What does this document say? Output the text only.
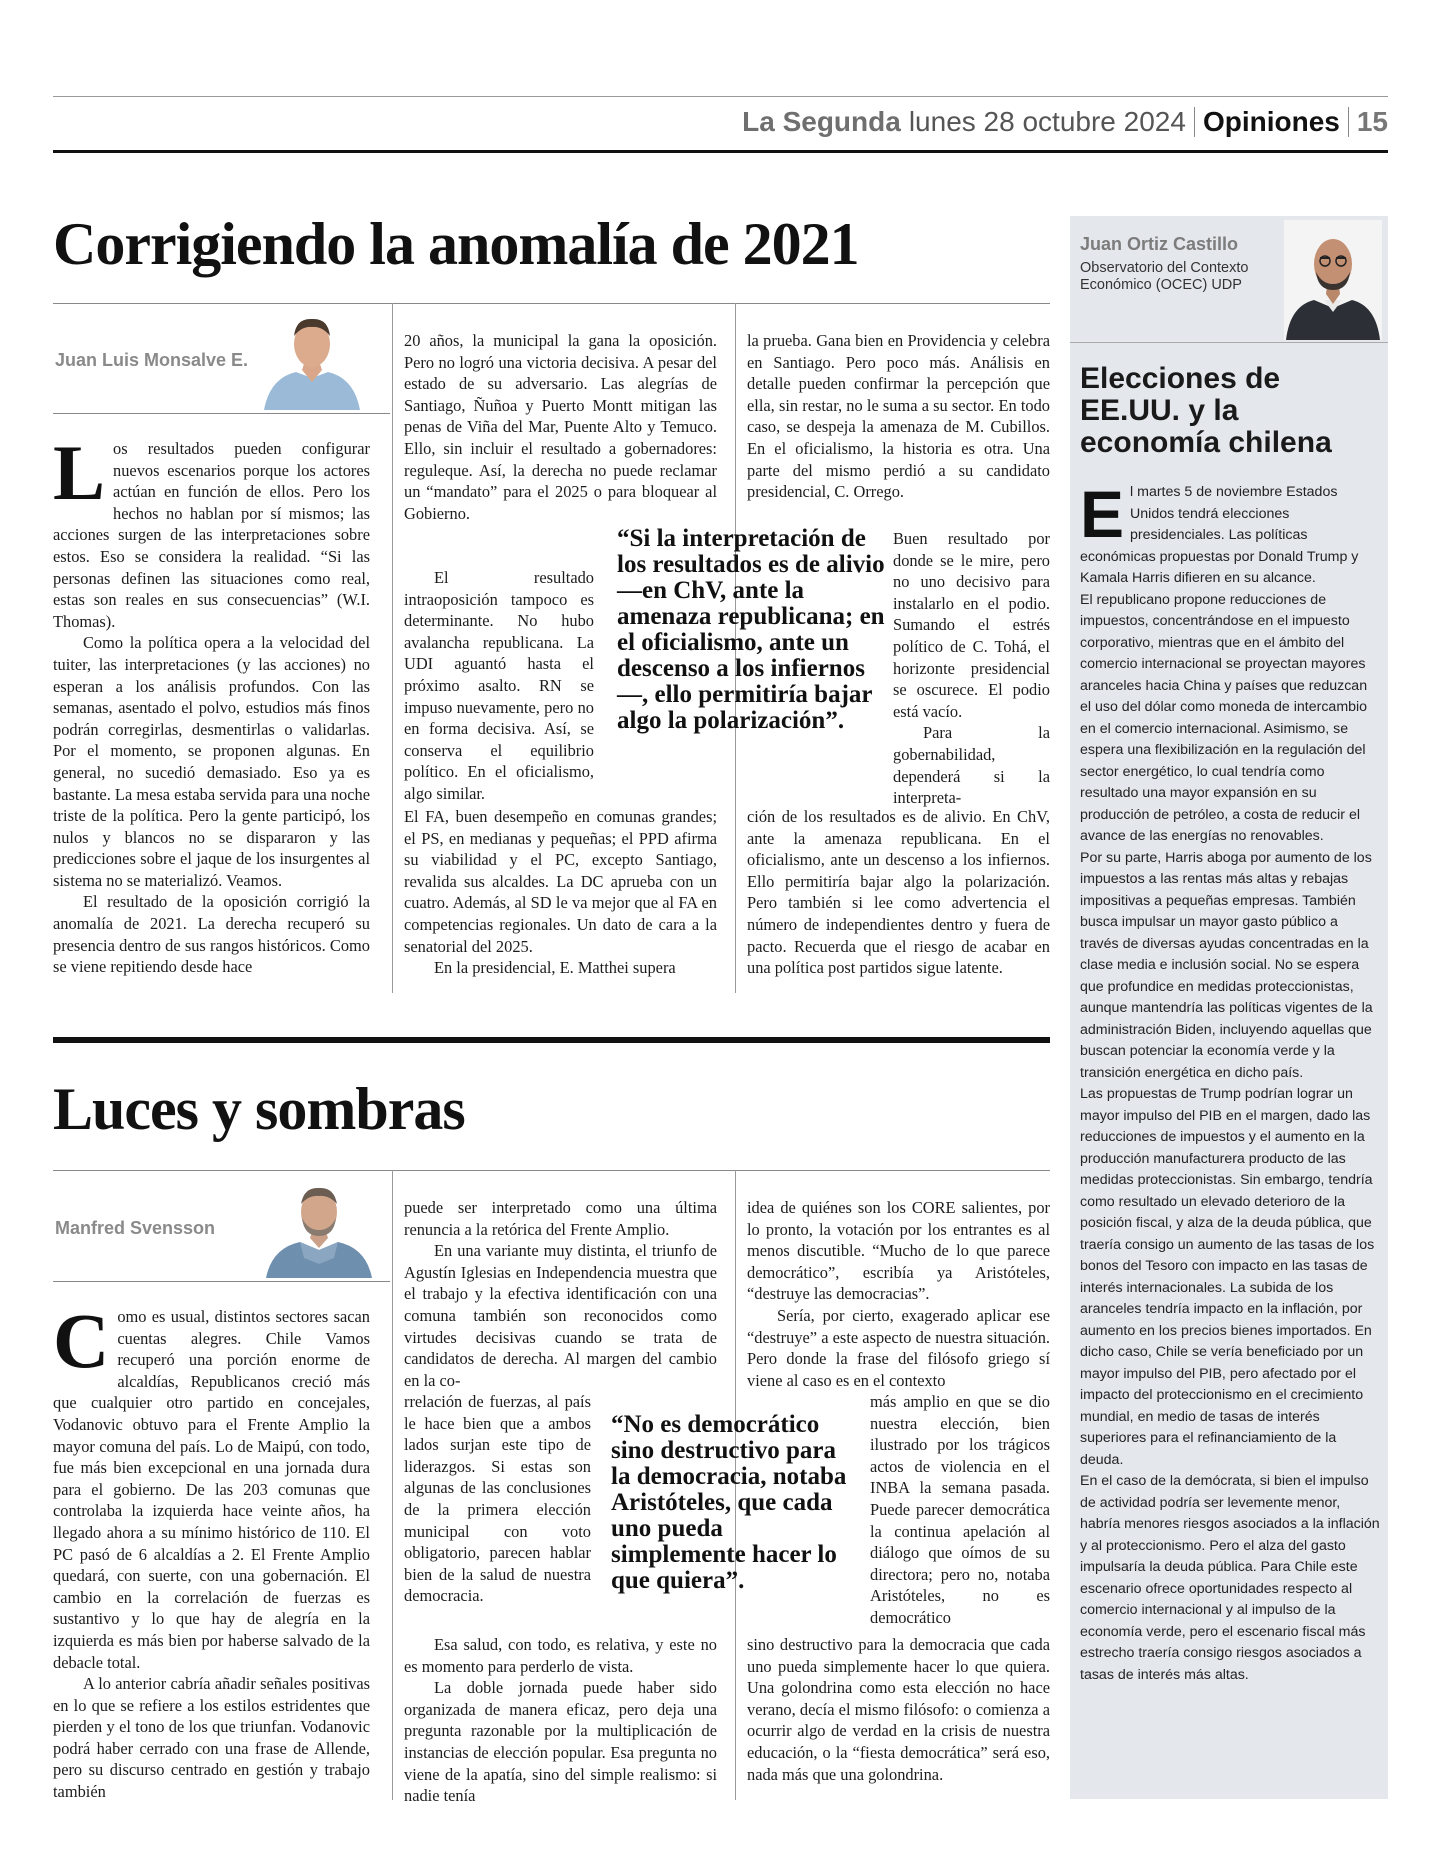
La Segunda lunes 28 octubre 2024 Opiniones 15
Corrigiendo la anomalía de 2021
Juan Luis Monsalve E.
L os resultados pueden configurar nuevos escenarios porque los actores actúan en función de ellos. Pero los hechos no hablan por sí mismos; las acciones surgen de las interpretaciones sobre estos. Eso se considera la realidad. “Si las personas definen las situaciones como real, estas son reales en sus consecuencias” (W.I. Thomas).

Como la política opera a la velocidad del tuiter, las interpretaciones (y las acciones) no esperan a los análisis profundos. Con las semanas, asentado el polvo, estudios más finos podrán corregirlas, desmentirlas o validarlas. Por el momento, se proponen algunas. En general, no sucedió demasiado. Eso ya es bastante. La mesa estaba servida para una noche triste de la política. Pero la gente participó, los nulos y blancos no se dispararon y las predicciones sobre el jaque de los insurgentes al sistema no se materializó. Veamos.

El resultado de la oposición corrigió la anomalía de 2021. La derecha recuperó su presencia dentro de sus rangos históricos. Como se viene repitiendo desde hace

20 años, la municipal la gana la oposición. Pero no logró una victoria decisiva. A pesar del estado de su adversario. Las alegrías de Santiago, Ñuñoa y Puerto Montt mitigan las penas de Viña del Mar, Puente Alto y Temuco. Ello, sin incluir el resultado a gobernadores: reguleque. Así, la derecha no puede reclamar un “mandato” para el 2025 o para bloquear al Gobierno.

El resultado intraoposición tampoco es determinante. No hubo avalancha republicana. La UDI aguantó hasta el próximo asalto. RN se impuso nuevamente, pero no en forma decisiva. Así, se conserva el equilibrio político. En el oficialismo, algo similar.

El FA, buen desempeño en comunas grandes; el PS, en medianas y pequeñas; el PPD afirma su viabilidad y el PC, excepto Santiago, revalida sus alcaldes. La DC aprueba con un cuatro. Además, al SD le va mejor que al FA en competencias regionales. Un dato de cara a la senatorial del 2025.

En la presidencial, E. Matthei supera

la prueba. Gana bien en Providencia y celebra en Santiago. Pero poco más. Análisis en detalle pueden confirmar la percepción que ella, sin restar, no le suma a su sector. En todo caso, se despeja la amenaza de M. Cubillos. En el oficialismo, la historia es otra. Una parte del mismo perdió a su candidato presidencial, C. Orrego.

Buen resultado por donde se le mire, pero no uno decisivo para instalarlo en el podio. Sumando el estrés político de C. Tohá, el horizonte presidencial se oscurece. El podio está vacío.

Para la gobernabilidad, dependerá si la interpreta-

ción de los resultados es de alivio. En ChV, ante la amenaza republicana. En el oficialismo, ante un descenso a los infiernos. Ello permitiría bajar algo la polarización. Pero también si lee como advertencia el número de independientes dentro y fuera de pacto. Recuerda que el riesgo de acabar en una política post partidos sigue latente.

“Si la interpretación de los resultados es de alivio —en ChV, ante la amenaza republicana; en el oficialismo, ante un descenso a los infiernos—, ello permitiría bajar algo la polarización”.
Luces y sombras
Manfred Svensson
C omo es usual, distintos sectores sacan cuentas alegres. Chile Vamos recuperó una porción enorme de alcaldías, Republicanos creció más que cualquier otro partido en concejales, Vodanovic obtuvo para el Frente Amplio la mayor comuna del país. Lo de Maipú, con todo, fue más bien excepcional en una jornada dura para el gobierno. De las 203 comunas que controlaba la izquierda hace veinte años, ha llegado ahora a su mínimo histórico de 110. El PC pasó de 6 alcaldías a 2. El Frente Amplio quedará, con suerte, con una gobernación. El cambio en la correlación de fuerzas es sustantivo y lo que hay de alegría en la izquierda es más bien por haberse salvado de la debacle total.

A lo anterior cabría añadir señales positivas en lo que se refiere a los estilos estridentes que pierden y el tono de los que triunfan. Vodanovic podrá haber cerrado con una frase de Allende, pero su discurso centrado en gestión y trabajo también

puede ser interpretado como una última renuncia a la retórica del Frente Amplio.

En una variante muy distinta, el triunfo de Agustín Iglesias en Independencia muestra que el trabajo y la efectiva identificación con una comuna también son reconocidos como virtudes decisivas cuando se trata de candidatos de derecha. Al margen del cambio en la co-

rrelación de fuerzas, al país le hace bien que a ambos lados surjan este tipo de liderazgos. Si estas son algunas de las conclusiones de la primera elección municipal con voto obligatorio, parecen hablar bien de la salud de nuestra democracia.

Esa salud, con todo, es relativa, y este no es momento para perderlo de vista.

La doble jornada puede haber sido organizada de manera eficaz, pero deja una pregunta razonable por la multiplicación de instancias de elección popular. Esa pregunta no viene de la apatía, sino del simple realismo: si nadie tenía

idea de quiénes son los CORE salientes, por lo pronto, la votación por los entrantes es al menos discutible. “Mucho de lo que parece democrático”, escribía ya Aristóteles, “destruye las democracias”.

Sería, por cierto, exagerado aplicar ese “destruye” a este aspecto de nuestra situación. Pero donde la frase del filósofo griego sí viene al caso es en el contexto

más amplio en que se dio nuestra elección, bien ilustrado por los trágicos actos de violencia en el INBA la semana pasada. Puede parecer democrática la continua apelación al diálogo que oímos de su directora; pero no, notaba Aristóteles, no es democrático

sino destructivo para la democracia que cada uno pueda simplemente hacer lo que quiera. Una golondrina como esta elección no hace verano, decía el mismo filósofo: o comienza a ocurrir algo de verdad en la crisis de nuestra educación, o la “fiesta democrática” será eso, nada más que una golondrina.

“No es democrático sino destructivo para la democracia, notaba Aristóteles, que cada uno pueda simplemente hacer lo que quiera”.
Juan Ortiz Castillo
Observatorio del Contexto Económico (OCEC) UDP
Elecciones de EE.UU. y la economía chilena
E l martes 5 de noviembre Estados Unidos tendrá elecciones presidenciales. Las políticas económicas propuestas por Donald Trump y Kamala Harris difieren en su alcance.

El republicano propone reducciones de impuestos, concentrándose en el impuesto corporativo, mientras que en el ámbito del comercio internacional se proyectan mayores aranceles hacia China y países que reduzcan el uso del dólar como moneda de intercambio en el comercio internacional. Asimismo, se espera una flexibilización en la regulación del sector energético, lo cual tendría como resultado una mayor expansión en su producción de petróleo, a costa de reducir el avance de las energías no renovables.

Por su parte, Harris aboga por aumento de los impuestos a las rentas más altas y rebajas impositivas a pequeñas empresas. También busca impulsar un mayor gasto público a través de diversas ayudas concentradas en la clase media e inclusión social. No se espera que profundice en medidas proteccionistas, aunque mantendría las políticas vigentes de la administración Biden, incluyendo aquellas que buscan potenciar la economía verde y la transición energética en dicho país.

Las propuestas de Trump podrían lograr un mayor impulso del PIB en el margen, dado las reducciones de impuestos y el aumento en la producción manufacturera producto de las medidas proteccionistas. Sin embargo, tendría como resultado un elevado deterioro de la posición fiscal, y alza de la deuda pública, que traería consigo un aumento de las tasas de los bonos del Tesoro con impacto en las tasas de interés internacionales. La subida de los aranceles tendría impacto en la inflación, por aumento en los precios bienes importados. En dicho caso, Chile se vería beneficiado por un mayor impulso del PIB, pero afectado por el impacto del proteccionismo en el crecimiento mundial, en medio de tasas de interés superiores para el refinanciamiento de la deuda.

En el caso de la demócrata, si bien el impulso de actividad podría ser levemente menor, habría menores riesgos asociados a la inflación y al proteccionismo. Pero el alza del gasto impulsaría la deuda pública. Para Chile este escenario ofrece oportunidades respecto al comercio internacional y al impulso de la economía verde, pero el escenario fiscal más estrecho traería consigo riesgos asociados a tasas de interés más altas.
